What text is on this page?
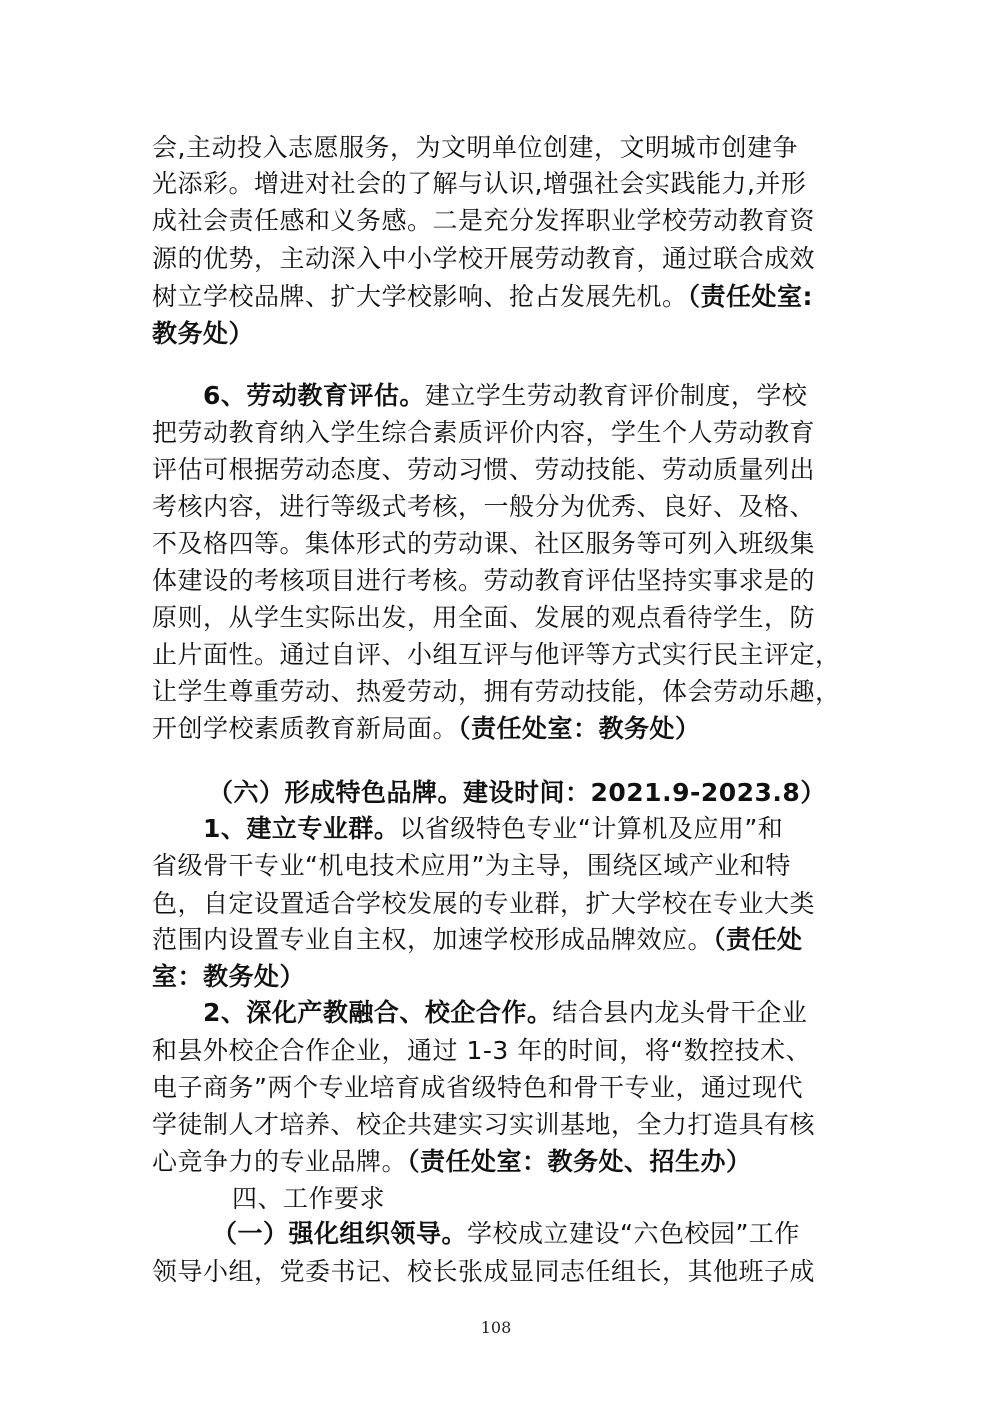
会,主动投入志愿服务，为文明单位创建，文明城市创建争
光添彩。增进对社会的了解与认识,增强社会实践能力,并形
成社会责任感和义务感。二是充分发挥职业学校劳动教育资
源的优势，主动深入中小学校开展劳动教育，通过联合成效
树立学校品牌、扩大学校影响、抢占发展先机。（责任处室:
教务处）
6、劳动教育评估。建立学生劳动教育评价制度，学校
把劳动教育纳入学生综合素质评价内容，学生个人劳动教育
评估可根据劳动态度、劳动习惯、劳动技能、劳动质量列出
考核内容，进行等级式考核，一般分为优秀、良好、及格、
不及格四等。集体形式的劳动课、社区服务等可列入班级集
体建设的考核项目进行考核。劳动教育评估坚持实事求是的
原则，从学生实际出发，用全面、发展的观点看待学生，防
止片面性。通过自评、小组互评与他评等方式实行民主评定，
让学生尊重劳动、热爱劳动，拥有劳动技能，体会劳动乐趣，
开创学校素质教育新局面。（责任处室：教务处）
（六）形成特色品牌。建设时间：2021.9-2023.8）
1、建立专业群。以省级特色专业“计算机及应用”和
省级骨干专业“机电技术应用”为主导，围绕区域产业和特
色，自定设置适合学校发展的专业群，扩大学校在专业大类
范围内设置专业自主权，加速学校形成品牌效应。（责任处
室：教务处）
2、深化产教融合、校企合作。结合县内龙头骨干企业
和县外校企合作企业，通过 1-3 年的时间，将“数控技术、
电子商务”两个专业培育成省级特色和骨干专业，通过现代
学徒制人才培养、校企共建实习实训基地，全力打造具有核
心竞争力的专业品牌。（责任处室：教务处、招生办）
四、工作要求
（一）强化组织领导。学校成立建设“六色校园”工作
领导小组，党委书记、校长张成显同志任组长，其他班子成
108
